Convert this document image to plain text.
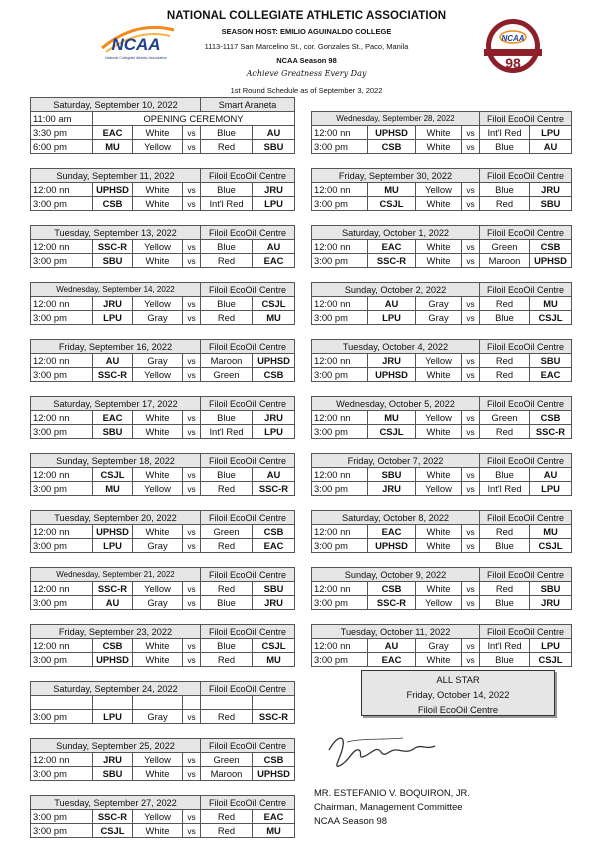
NCAA
National Collegiate Athletic Association
NATIONAL COLLEGIATE ATHLETIC ASSOCIATION
SEASON HOST: EMILIO AGUINALDO COLLEGE
1113-1117 San Marcelino St., cor. Gonzales St., Paco, Manila
NCAA Season 98
Achieve Greatness Every Day
1st Round Schedule as of September 3, 2022
NCAA
98
Saturday, September 10, 2022				Smart Araneta	
11:00 am	OPENING CEREMONY				
3:30 pm	EAC	White	vs	Blue	AU
6:00 pm	MU	Yellow	vs	Red	SBU
Sunday, September 11, 2022				Filoil EcoOil Centre	
12:00 nn	UPHSD	White	vs	Blue	JRU
3:00 pm	CSB	White	vs	Int'l Red	LPU
Tuesday, September 13, 2022				Filoil EcoOil Centre	
12:00 nn	SSC-R	Yellow	vs	Blue	AU
3:00 pm	SBU	White	vs	Red	EAC
Wednesday, September 14, 2022				Filoil EcoOil Centre	
12:00 nn	JRU	Yellow	vs	Blue	CSJL
3:00 pm	LPU	Gray	vs	Red	MU
Friday, September 16, 2022				Filoil EcoOil Centre	
12:00 nn	AU	Gray	vs	Maroon	UPHSD
3:00 pm	SSC-R	Yellow	vs	Green	CSB
Saturday, September 17, 2022				Filoil EcoOil Centre	
12:00 nn	EAC	White	vs	Blue	JRU
3:00 pm	SBU	White	vs	Int'l Red	LPU
Sunday, September 18, 2022				Filoil EcoOil Centre	
12:00 nn	CSJL	White	vs	Blue	AU
3:00 pm	MU	Yellow	vs	Red	SSC-R
Tuesday, September 20, 2022				Filoil EcoOil Centre	
12:00 nn	UPHSD	White	vs	Green	CSB
3:00 pm	LPU	Gray	vs	Red	EAC
Wednesday, September 21, 2022				Filoil EcoOil Centre	
12:00 nn	SSC-R	Yellow	vs	Red	SBU
3:00 pm	AU	Gray	vs	Blue	JRU
Friday, September 23, 2022				Filoil EcoOil Centre	
12:00 nn	CSB	White	vs	Blue	CSJL
3:00 pm	UPHSD	White	vs	Red	MU
Saturday, September 24, 2022				Filoil EcoOil Centre	

3:00 pm	LPU	Gray	vs	Red	SSC-R
Sunday, September 25, 2022				Filoil EcoOil Centre	
12:00 nn	JRU	Yellow	vs	Green	CSB
3:00 pm	SBU	White	vs	Maroon	UPHSD
Tuesday, September 27, 2022				Filoil EcoOil Centre	
3:00 pm	SSC-R	Yellow	vs	Red	EAC
3:00 pm	CSJL	White	vs	Red	MU
Wednesday, September 28, 2022				Filoil EcoOil Centre	
12:00 nn	UPHSD	White	vs	Int'l Red	LPU
3:00 pm	CSB	White	vs	Blue	AU
Friday, September 30, 2022				Filoil EcoOil Centre	
12:00 nn	MU	Yellow	vs	Blue	JRU
3:00 pm	CSJL	White	vs	Red	SBU
Saturday, October 1, 2022				Filoil EcoOil Centre	
12:00 nn	EAC	White	vs	Green	CSB
3:00 pm	SSC-R	White	vs	Maroon	UPHSD
Sunday, October 2, 2022				Filoil EcoOil Centre	
12:00 nn	AU	Gray	vs	Red	MU
3:00 pm	LPU	Gray	vs	Blue	CSJL
Tuesday, October 4, 2022				Filoil EcoOil Centre	
12:00 nn	JRU	Yellow	vs	Red	SBU
3:00 pm	UPHSD	White	vs	Red	EAC
Wednesday, October 5, 2022				Filoil EcoOil Centre	
12:00 nn	MU	Yellow	vs	Green	CSB
3:00 pm	CSJL	White	vs	Red	SSC-R
Friday, October 7, 2022				Filoil EcoOil Centre	
12:00 nn	SBU	White	vs	Blue	AU
3:00 pm	JRU	Yellow	vs	Int'l Red	LPU
Saturday, October 8, 2022				Filoil EcoOil Centre	
12:00 nn	EAC	White	vs	Red	MU
3:00 pm	UPHSD	White	vs	Blue	CSJL
Sunday, October 9, 2022				Filoil EcoOil Centre	
12:00 nn	CSB	White	vs	Red	SBU
3:00 pm	SSC-R	Yellow	vs	Blue	JRU
Tuesday, October 11, 2022				Filoil EcoOil Centre	
12:00 nn	AU	Gray	vs	Int'l Red	LPU
3:00 pm	EAC	White	vs	Blue	CSJL
ALL STAR
Friday, October 14, 2022
Filoil EcoOil Centre
MR. ESTEFANIO V. BOQUIRON, JR.
Chairman, Management Committee
NCAA Season 98
